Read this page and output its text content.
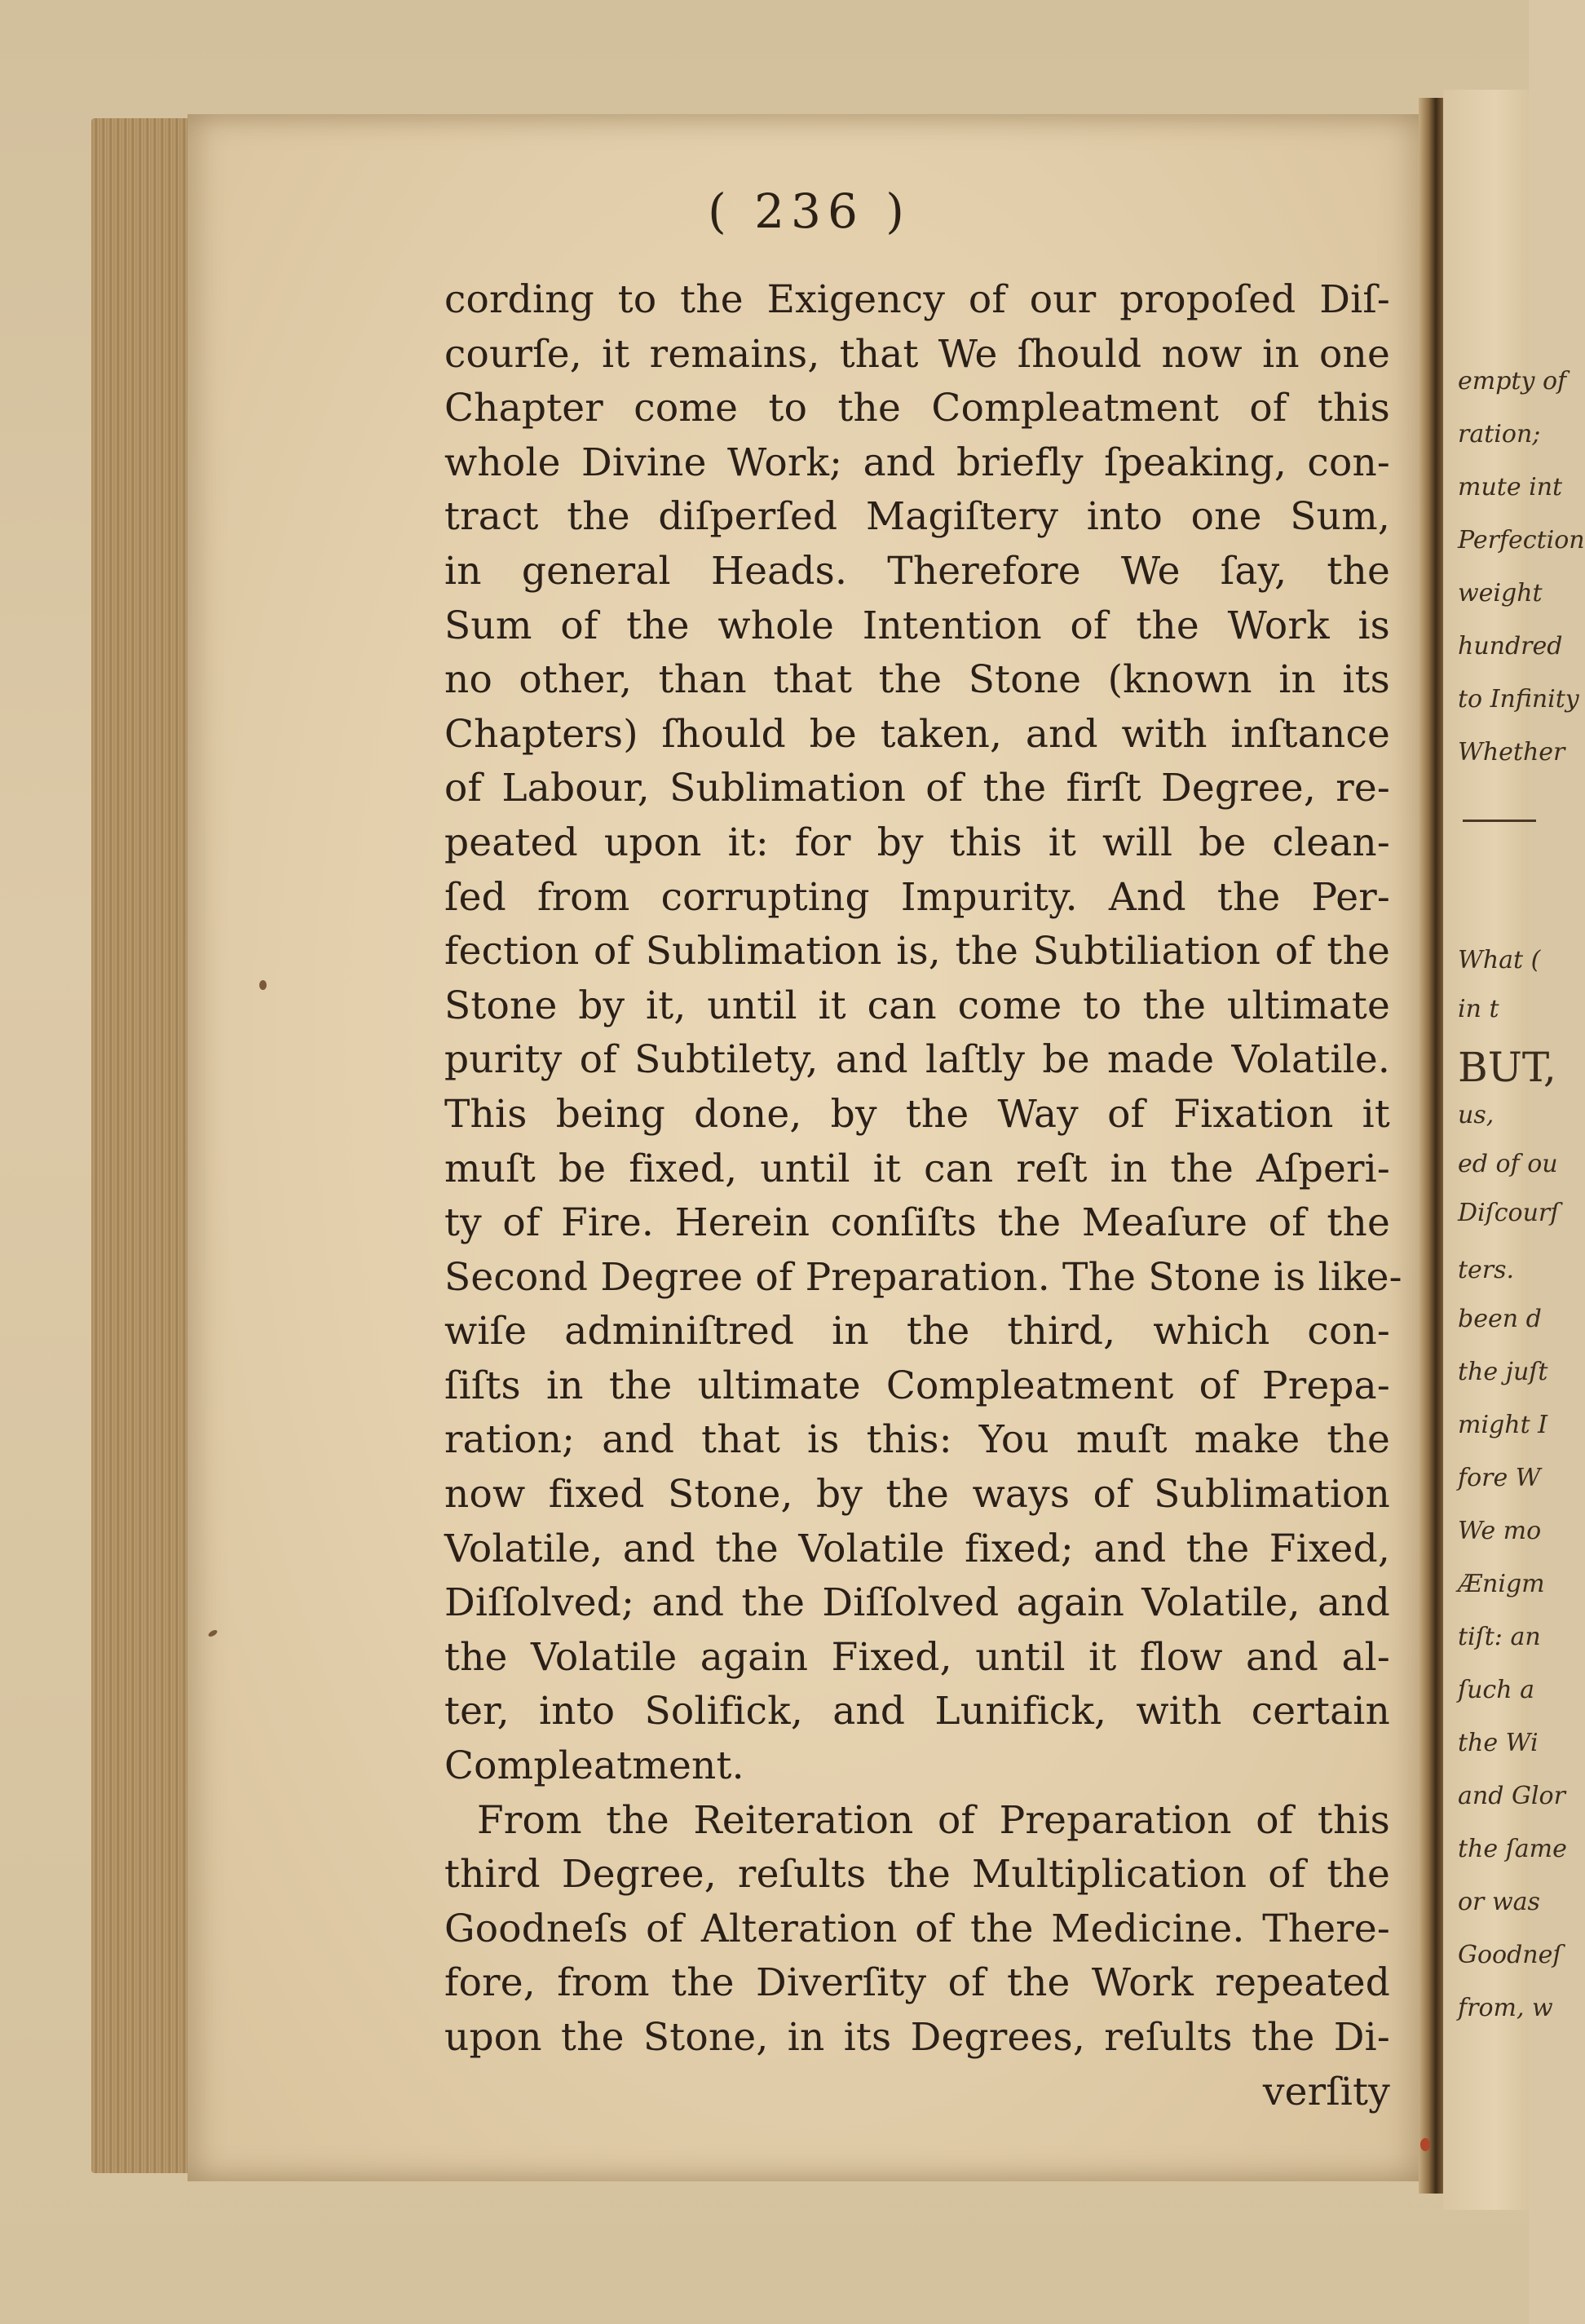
( 236 )
cording to the Exigency of our propoſed Diſ-
courſe, it remains, that We ſhould now in one
Chapter come to the Compleatment of this
whole Divine Work; and briefly ſpeaking, con-
tract the diſperſed Magiſtery into one Sum,
in general Heads. Therefore We ſay, the
Sum of the whole Intention of the Work is
no other, than that the Stone (known in its
Chapters) ſhould be taken, and with inſtance
of Labour, Sublimation of the firſt Degree, re-
peated upon it: for by this it will be clean-
ſed from corrupting Impurity. And the Per-
fection of Sublimation is, the Subtiliation of the
Stone by it, until it can come to the ultimate
purity of Subtilety, and laſtly be made Volatile.
This being done, by the Way of Fixation it
muſt be fixed, until it can reſt in the Aſperi-
ty of Fire. Herein conſiſts the Meaſure of the
Second Degree of Preparation. The Stone is like-
wiſe adminiſtred in the third, which con-
ſiſts in the ultimate Compleatment of Prepa-
ration; and that is this: You muſt make the
now fixed Stone, by the ways of Sublimation
Volatile, and the Volatile fixed; and the Fixed,
Diſſolved; and the Diſſolved again Volatile, and
the Volatile again Fixed, until it flow and al-
ter, into Solifick, and Lunifick, with certain
Compleatment.
From the Reiteration of Preparation of this
third Degree, reſults the Multiplication of the
Goodneſs of Alteration of the Medicine. There-
fore, from the Diverſity of the Work repeated
upon the Stone, in its Degrees, reſults the Di-
verſity
empty of
ration;
mute int
Perfection
weight
hundred
to Infinity
Whether
What (
in t
BUT,
us,
ed of ou
Diſcourſ
ters.
been d
the juſt
might I
fore W
We mo
Ænigm
tiſt: an
ſuch a
the Wi
and Glor
the ſame
or was
Goodneſ
from, w
